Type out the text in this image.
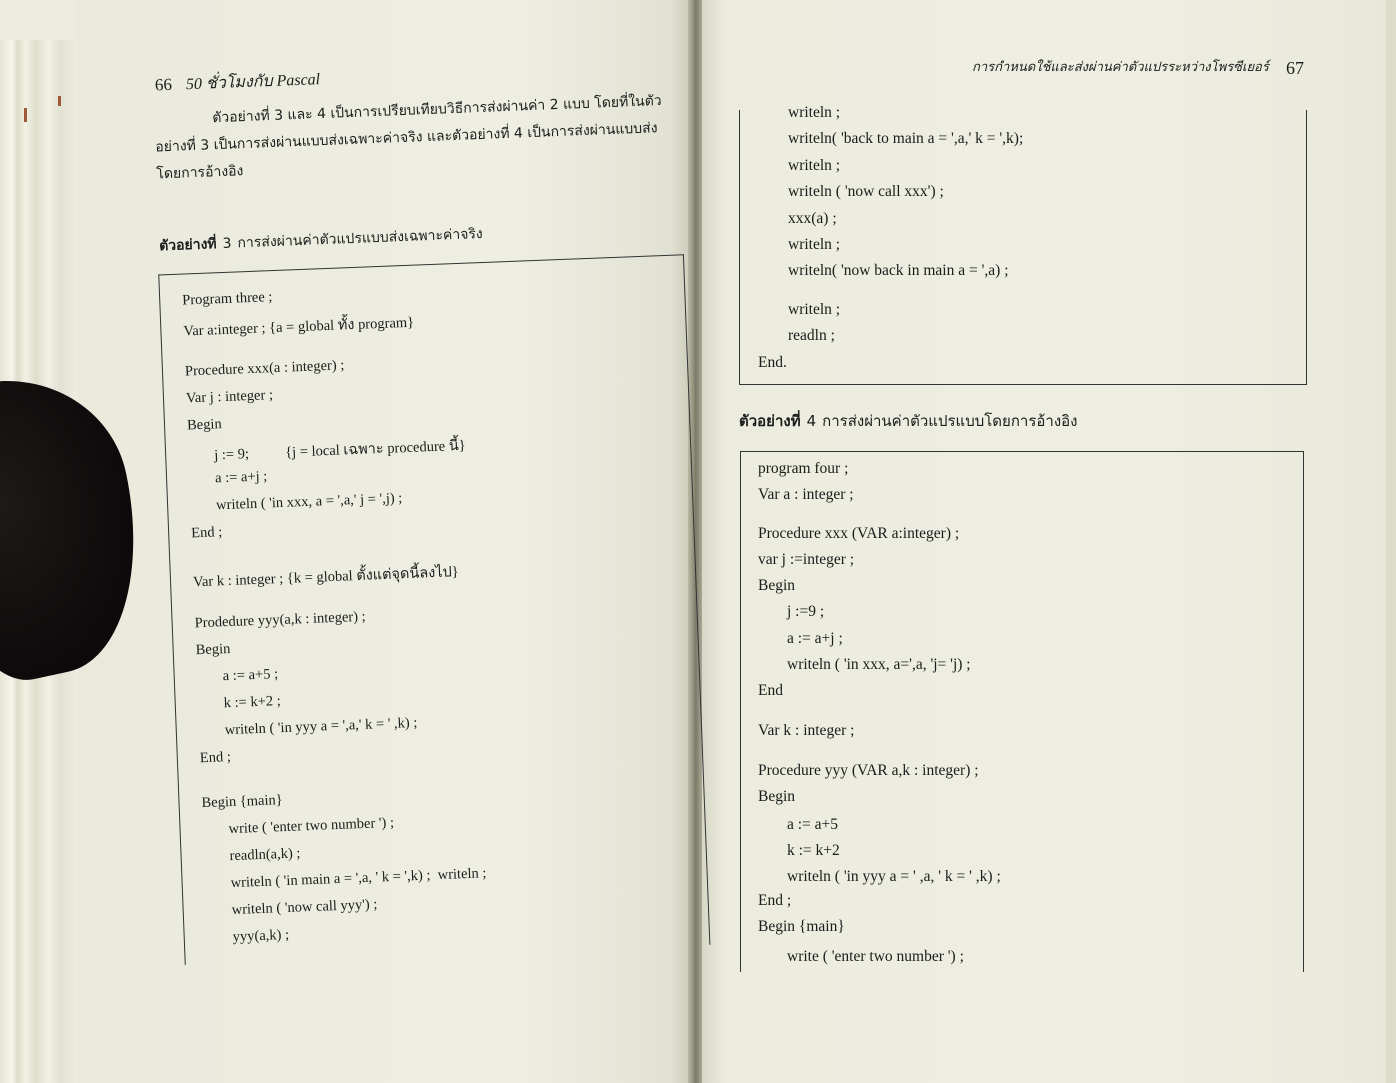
66 50 ชั่วโมงกับ Pascal

ตัวอย่างที่ 3 และ 4 เป็นการเปรียบเทียบวิธีการส่งผ่านค่า 2 แบบ โดยที่ในตัว

อย่างที่ 3 เป็นการส่งผ่านแบบส่งเฉพาะค่าจริง และตัวอย่างที่ 4 เป็นการส่งผ่านแบบส่ง

โดยการอ้างอิง

ตัวอย่างที่ 3 การส่งผ่านค่าตัวแปรแบบส่งเฉพาะค่าจริง
Program three ;
Var a:integer ; {a = global ทั้ง program}
Procedure xxx(a : integer) ;
Var j : integer ;
Begin
j := 9;          {j = local เฉพาะ procedure นี้}
a := a+j ;
writeln ( 'in xxx, a = ',a,' j = ',j) ;
End ;
Var k : integer ; {k = global ตั้งแต่จุดนี้ลงไป}
Prodedure yyy(a,k : integer) ;
Begin
a := a+5 ;
k := k+2 ;
writeln ( 'in yyy a = ',a,' k = ' ,k) ;
End ;
Begin {main}
write ( 'enter two number ') ;
readln(a,k) ;
writeln ( 'in main a = ',a, ' k = ',k) ;  writeln ;
writeln ( 'now call yyy') ;
yyy(a,k) ;
การกำหนดใช้และส่งผ่านค่าตัวแปรระหว่างโพรซีเยอร์ 67
writeln ;
writeln( 'back to main a = ',a,' k = ',k);
writeln ;
writeln ( 'now call xxx') ;
xxx(a) ;
writeln ;
writeln( 'now back in main a = ',a) ;
writeln ;
readln ;
End.
ตัวอย่างที่ 4 การส่งผ่านค่าตัวแปรแบบโดยการอ้างอิง
program four ;
Var a : integer ;
Procedure xxx (VAR a:integer) ;
var j :=integer ;
Begin
j :=9 ;
a := a+j ;
writeln ( 'in xxx, a=',a, 'j= 'j) ;
End
Var k : integer ;
Procedure yyy (VAR a,k : integer) ;
Begin
a := a+5
k := k+2
writeln ( 'in yyy a = ' ,a, ' k = ' ,k) ;
End ;
Begin {main}
write ( 'enter two number ') ;
